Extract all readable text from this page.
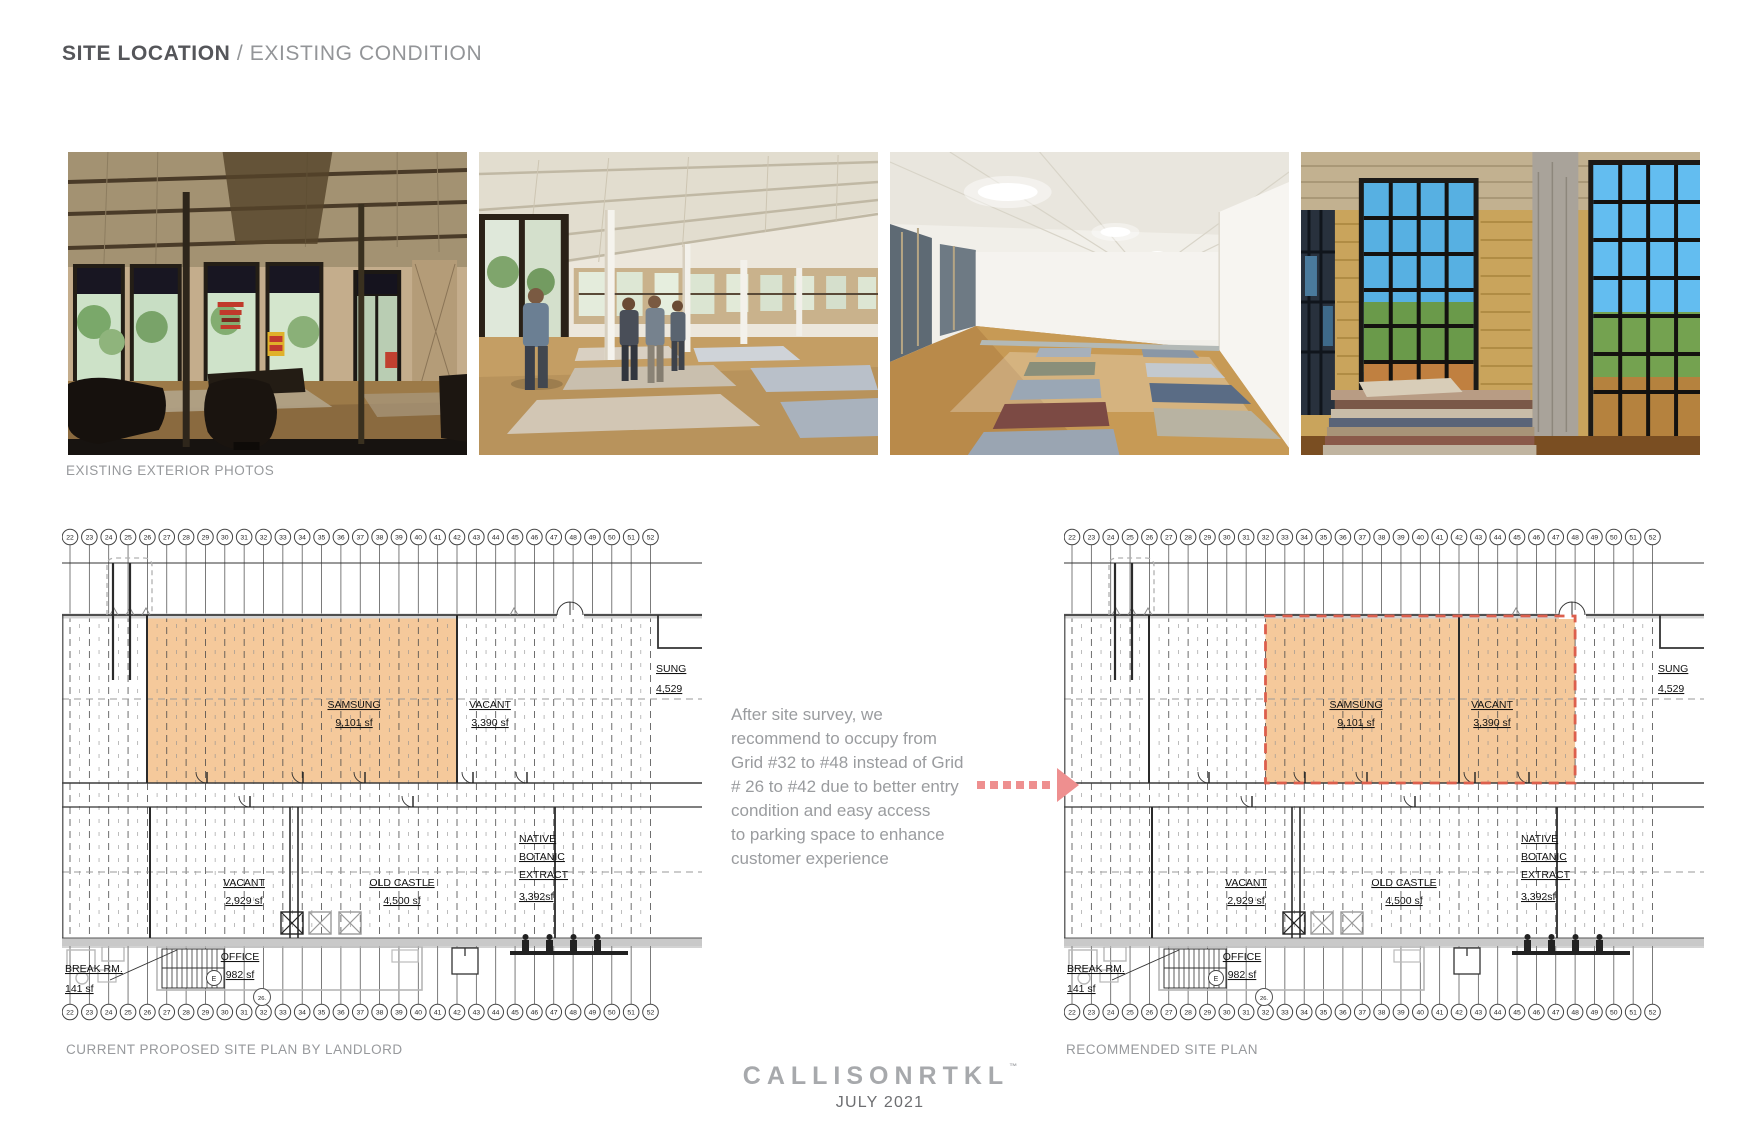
SITE LOCATION / EXISTING CONDITION
EXISTING EXTERIOR PHOTOS
22
22
23
23
24
24
25
25
26
26
27
27
28
28
29
29
30
30
31
31
32
32
33
33
34
34
35
35
36
36
37
37
38
38
39
39
40
40
41
41
42
42
43
43
44
44
45
45
46
46
47
47
48
48
49
49
50
50
51
51
52
52
E
26.
SAMSUNG
9,101 sf
VACANT
3,390 sf
SUNG
4,529
VACANT
2,929 sf
OLD CASTLE
4,500 sf
NATIVE
BOTANIC
EXTRACT
3,392sf
OFFICE
982 sf
BREAK RM.
141 sf
22
22
23
23
24
24
25
25
26
26
27
27
28
28
29
29
30
30
31
31
32
32
33
33
34
34
35
35
36
36
37
37
38
38
39
39
40
40
41
41
42
42
43
43
44
44
45
45
46
46
47
47
48
48
49
49
50
50
51
51
52
52
E
26.
SAMSUNG
9,101 sf
VACANT
3,390 sf
SUNG
4,529
VACANT
2,929 sf
OLD CASTLE
4,500 sf
NATIVE
BOTANIC
EXTRACT
3,392sf
OFFICE
982 sf
BREAK RM.
141 sf
CURRENT PROPOSED SITE PLAN BY LANDLORD	RECOMMENDED SITE PLAN
After site survey, we
recommend to occupy from
Grid #32 to #48 instead of Grid
# 26 to #42 due to better entry
condition and easy access
to parking space to enhance
customer experience
CALLISONRTKL™
JULY 2021
